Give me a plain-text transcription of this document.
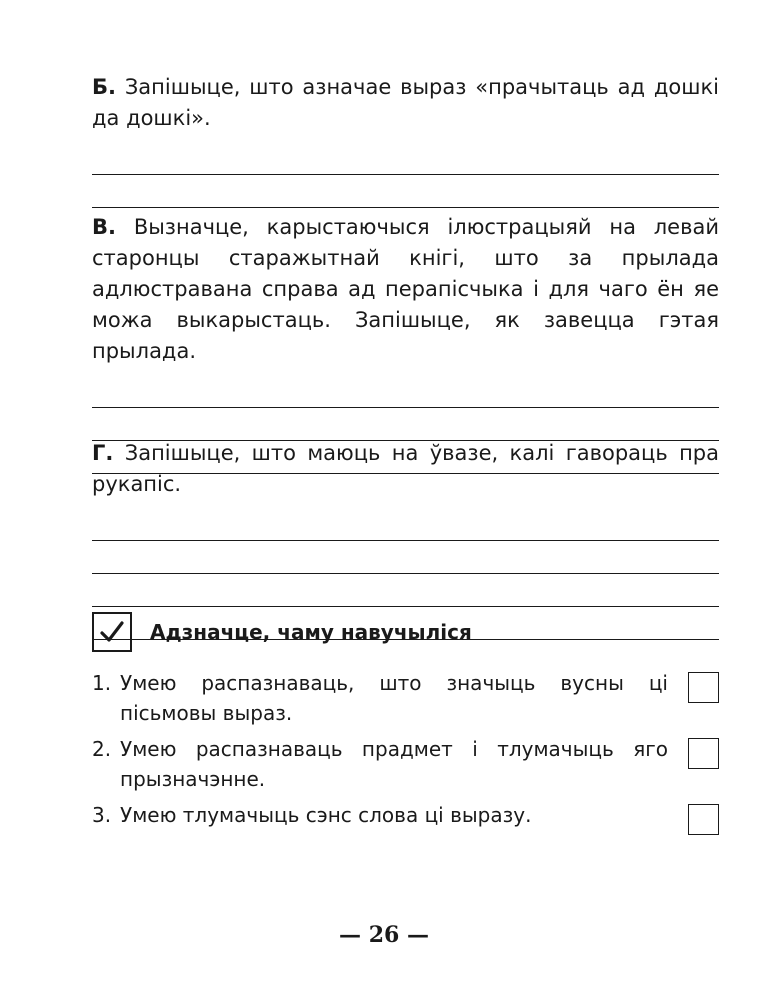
Б. Запішыце, што азначае выраз «прачытаць ад дошкі да дошкі».

В. Вызначце, карыстаючыся ілюстрацыяй на левай старонцы старажытнай кнігі, што за прылада адлюстравана справа ад перапісчыка і для чаго ён яе можа выкарыстаць. Запішыце, як завецца гэтая прылада.

Г. Запішыце, што маюць на ўвазе, калі гавораць пра рукапіс.

Адзначце, чаму навучыліся
1. Умею распазнаваць, што значыць вусны ці пісьмовы выраз.
2. Умею распазнаваць прадмет і тлумачыць яго прызначэнне.
3. Умею тлумачыць сэнс слова ці выразу.
— 26 —
